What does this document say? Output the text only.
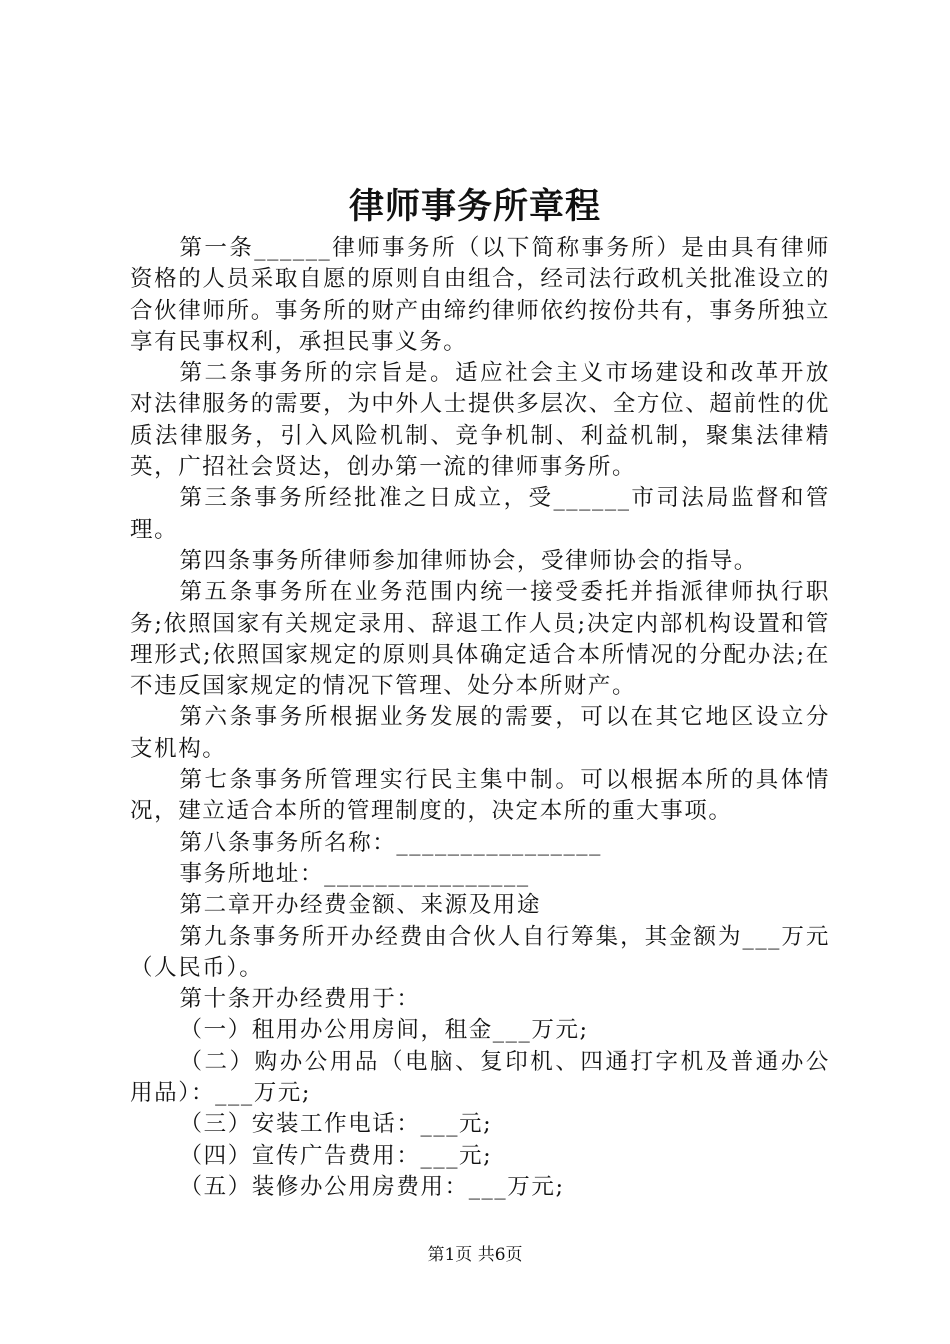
律师事务所章程

第一条______律师事务所（以下简称事务所）是由具有律师资格的人员采取自愿的原则自由组合，经司法行政机关批准设立的合伙律师所。事务所的财产由缔约律师依约按份共有，事务所独立享有民事权利，承担民事义务。

第二条事务所的宗旨是。适应社会主义市场建设和改革开放对法律服务的需要，为中外人士提供多层次、全方位、超前性的优质法律服务，引入风险机制、竞争机制、利益机制，聚集法律精英，广招社会贤达，创办第一流的律师事务所。

第三条事务所经批准之日成立，受______市司法局监督和管理。

第四条事务所律师参加律师协会，受律师协会的指导。

第五条事务所在业务范围内统一接受委托并指派律师执行职务;依照国家有关规定录用、辞退工作人员;决定内部机构设置和管理形式;依照国家规定的原则具体确定适合本所情况的分配办法;在不违反国家规定的情况下管理、处分本所财产。

第六条事务所根据业务发展的需要，可以在其它地区设立分支机构。

第七条事务所管理实行民主集中制。可以根据本所的具体情况，建立适合本所的管理制度的，决定本所的重大事项。

第八条事务所名称：________________

事务所地址：________________

第二章开办经费金额、来源及用途

第九条事务所开办经费由合伙人自行筹集，其金额为___万元（人民币）。

第十条开办经费用于：

（一）租用办公用房间，租金___万元;

（二）购办公用品（电脑、复印机、四通打字机及普通办公用品）：___万元;

（三）安装工作电话：___元;

（四）宣传广告费用：___元;

（五）装修办公用房费用：___万元;

第1页 共6页
